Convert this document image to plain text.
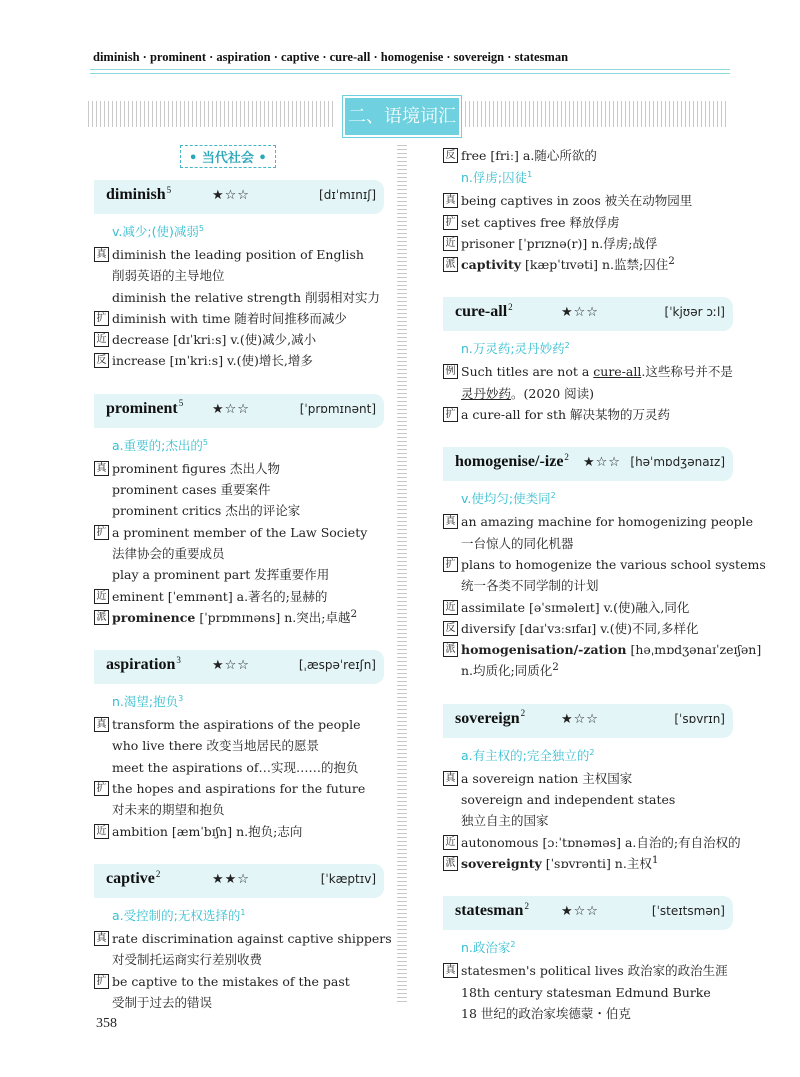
diminish · prominent · aspiration · captive · cure-all · homogenise · sovereign · statesman
二、语境词汇
• 当代社会 •
diminish$^5$	★☆☆	[dɪˈmɪnɪʃ]
v.减少;(使)减弱$^5$
真 diminish the leading position of English
削弱英语的主导地位
diminish the relative strength 削弱相对实力
扩 diminish with time 随着时间推移而减少
近 decrease [dɪˈkriːs] v.(使)减少,减小
反 increase [ɪnˈkriːs] v.(使)增长,增多
prominent$^5$ ★☆☆	[ˈprɒmɪnənt]
a.重要的;杰出的$^5$
真 prominent figures 杰出人物
prominent cases 重要案件
prominent critics 杰出的评论家
扩 a prominent member of the Law Society
法律协会的重要成员
play a prominent part 发挥重要作用
近 eminent [ˈemɪnənt] a.著名的;显赫的
派 prominence [ˈprɒmɪnəns] n.突出;卓越$^2$
aspiration$^3$ ★☆☆	[ˌæspəˈreɪʃn]
n.渴望;抱负$^3$
真 transform the aspirations of the people who live there 改变当地居民的愿景
meet the aspirations of…实现……的抱负
扩 the hopes and aspirations for the future
对未来的期望和抱负
近 ambition [æmˈbɪʃn] n.抱负;志向
captive$^2$	★★☆	[ˈkæptɪv]
a.受控制的;无权选择的$^1$
真 rate discrimination against captive shippers
对受制托运商实行差别收费
扩 be captive to the mistakes of the past
受制于过去的错误
反 free [friː] a.随心所欲的
n.俘虏;囚徒$^1$
真 being captives in zoos 被关在动物园里
扩 set captives free 释放俘虏
近 prisoner [ˈprɪznə(r)] n.俘虏;战俘
派 captivity [kæpˈtɪvəti] n.监禁;囚住$^2$
cure-all$^2$	★☆☆	[ˈkjʊər ɔːl]
n.万灵药;灵丹妙药$^2$
例 Such titles are not a cure-all.这些称号并不是
灵丹妙药。(2020 阅读)
扩 a cure-all for sth 解决某物的万灵药
homogenise/-ize$^2$ ★☆☆ [həˈmɒdʒənaɪz]
v.使均匀;使类同$^2$
真 an amazing machine for homogenizing people
一台惊人的同化机器
扩 plans to homogenize the various school systems
统一各类不同学制的计划
近 assimilate [əˈsɪməleɪt] v.(使)融入,同化
反 diversify [daɪˈvɜːsɪfaɪ] v.(使)不同,多样化
派 homogenisation/-zation [həˌmɒdʒənaɪˈzeɪʃən]
n.均质化;同质化$^2$
sovereign$^2$	★☆☆	[ˈsɒvrɪn]
a.有主权的;完全独立的$^2$
真 a sovereign nation 主权国家
sovereign and independent states
独立自主的国家
近 autonomous [ɔːˈtɒnəməs] a.自治的;有自治权的
派 sovereignty [ˈsɒvrənti] n.主权$^1$
statesman$^2$ ★☆☆	[ˈsteɪtsmən]
n.政治家$^2$
真 statesmen's political lives 政治家的政治生涯
18th century statesman Edmund Burke
18 世纪的政治家埃德蒙・伯克
358
